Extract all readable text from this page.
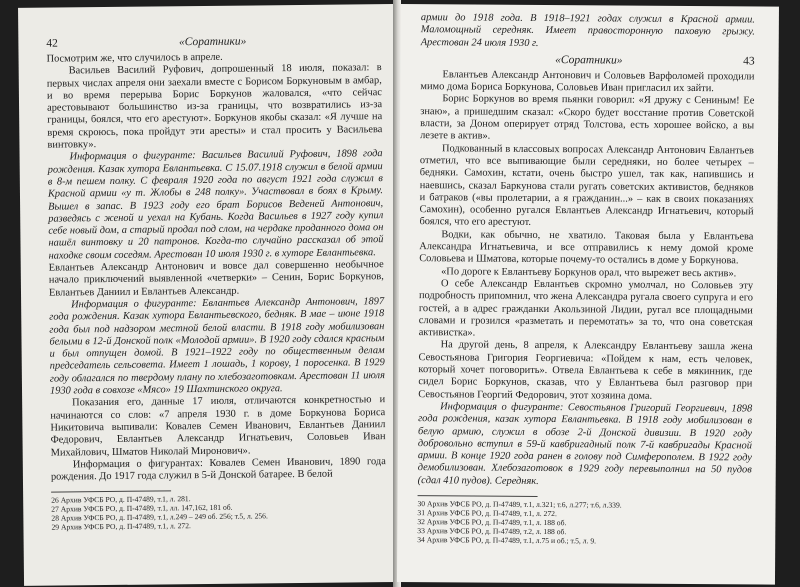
42	«Соратники»

Посмотрим же, что случилось в апреле.

Васильев Василий Руфович, допрошенный 18 июля, показал: в первых числах апреля они заехали вместе с Борисом Боркуновым в амбар, и во время перерыва Борис Боркунов жаловался, «что сейчас арестовывают большинство из-за границы, что возвратились из-за границы, боялся, что его арестуют». Боркунов якобы сказал: «Я лучше на время скроюсь, пока пройдут эти аресты» и стал просить у Васильева винтовку».

Информация о фигуранте: Васильев Василий Руфович, 1898 года рождения. Казак хутора Евлантьевка. С 15.07.1918 служил в белой армии в 8-м пешем полку. С февраля 1920 года по август 1921 года служил в Красной армии «у т. Жлобы в 248 полку». Участвовал в боях в Крыму. Вышел в запас. В 1923 году его брат Борисов Веденей Антонович, разведясь с женой и уехал на Кубань. Когда Васильев в 1927 году купил себе новый дом, а старый продал под слом, на чердаке проданного дома он нашёл винтовку и 20 патронов. Когда-то случайно рассказал об этой находке своим соседям. Арестован 10 июля 1930 г. в хуторе Евлантьевка.

Евлантьев Александр Антонович и вовсе дал совершенно необычное начало приключений выявленной «четверки» – Сенин, Борис Боркунов, Евлантьев Даниил и Евлантьев Александр.

Информация о фигуранте: Евлантьев Александр Антонович, 1897 года рождения. Казак хутора Евлантьевского, бедняк. В мае – июне 1918 года был под надзором местной белой власти. В 1918 году мобилизован белыми в 12-й Донской полк «Молодой армии». В 1920 году сдался красным и был отпущен домой. В 1921–1922 году по общественным делам председатель сельсовета. Имеет 1 лошадь, 1 корову, 1 поросенка. В 1929 году облагался по твердому плану по хлебозаготовкам. Арестован 11 июля 1930 года в совхозе «Мясо» 19 Шахтинского округа.

Показания его, данные 17 июля, отличаются конкретностью и начинаются со слов: «7 апреля 1930 г. в доме Боркунова Бориса Никитовича выпивали: Ковалев Семен Иванович, Евлантьев Даниил Федорович, Евлантьев Александр Игнатьевич, Соловьев Иван Михайлович, Шматов Николай Миронович».

Информация о фигурантах: Ковалев Семен Иванович, 1890 года рождения. До 1917 года служил в 5-й Донской батарее. В белой

26 Архив УФСБ РО, д. П-47489, т.1, л. 281.

27 Архив УФСБ РО, д. П-47489, т.1, лл. 147,162, 181 об.

28 Архив УФСБ РО, д. П-47489, т.1, л.249 – 249 об. 256; т.5, л. 256.

29 Архив УФСБ РО, д. П-47489, т.1, л. 272.

армии до 1918 года. В 1918–1921 годах служил в Красной армии. Маломощный середняк. Имеет правосторонную паховую грыжу. Арестован 24 июля 1930 г.

«Соратники»	43

Евлантьев Александр Антонович и Соловьев Варфоломей проходили мимо дома Бориса Боркунова, Соловьев Иван пригласил их зайти.

Борис Боркунов во время пьянки говорил: «Я дружу с Сениным! Ее знаю», а пришедшим сказал: «Скоро будет восстание против Советской власти, за Доном оперирует отряд Толстова, есть хорошее войско, а вы лезете в актив».

Подкованный в классовых вопросах Александр Антонович Евлантьев отметил, что все выпивающие были середняки, но более четырех – бедняки. Самохин, кстати, очень быстро ушел, так как, напившись и наевшись, сказал Баркунова стали ругать советских активистов, бедняков и батраков («вы пролетарии, а я гражданин...» – как в своих показаниях Самохин), особенно ругался Евлантьев Александр Игнатьевич, который боялся, что его арестуют.

Водки, как обычно, не хватило. Таковая была у Евлантьева Александра Игнатьевича, и все отправились к нему домой кроме Соловьева и Шматова, которые почему-то остались в доме у Боркунова.

«По дороге к Евлантьеву Боркунов орал, что вырежет весь актив».

О себе Александр Евлантьев скромно умолчал, но Соловьев эту подробность припомнил, что жена Александра ругала своего супруга и его гостей, а в адрес гражданки Акользиной Лидии, ругал все площадными словами и грозился «разметать и перемотать» за то, что она советская активистка».

На другой день, 8 апреля, к Александру Евлантьеву зашла жена Севостьянова Григория Георгиевича: «Пойдем к нам, есть человек, который хочет поговорить». Отвела Евлантьева к себе в мякинник, где сидел Борис Боркунов, сказав, что у Евлантьева был разговор при Севостьянов Георгий Федорович, этот хозяина дома.

Информация о фигуранте: Севостьянов Григорий Георгиевич, 1898 года рождения, казак хутора Евлантьевка. В 1918 году мобилизован в белую армию, служил в обозе 2-й Донской дивизии. В 1920 году добровольно вступил в 59-й кавбригадный полк 7-й кавбригады Красной армии. В конце 1920 года ранен в голову под Симферополем. В 1922 году демобилизован. Хлебозаготовок в 1929 году перевыполнил на 50 пудов (сдал 410 пудов). Середняк.

30 Архив УФСБ РО, д. П-47489, т.1, л.321; т.6, л.277; т.6, л.339.

31 Архив УФСБ РО, д. П-47489, т.1, л. 272.

32 Архив УФСБ РО, д. П-47489, т.1, л. 188 об.

33 Архив УФСБ РО, д. П-47489, т.2, л. 188 об.

34 Архив УФСБ РО, д. П-47489, т.1, л.75 и об.; т.5, л. 9.
